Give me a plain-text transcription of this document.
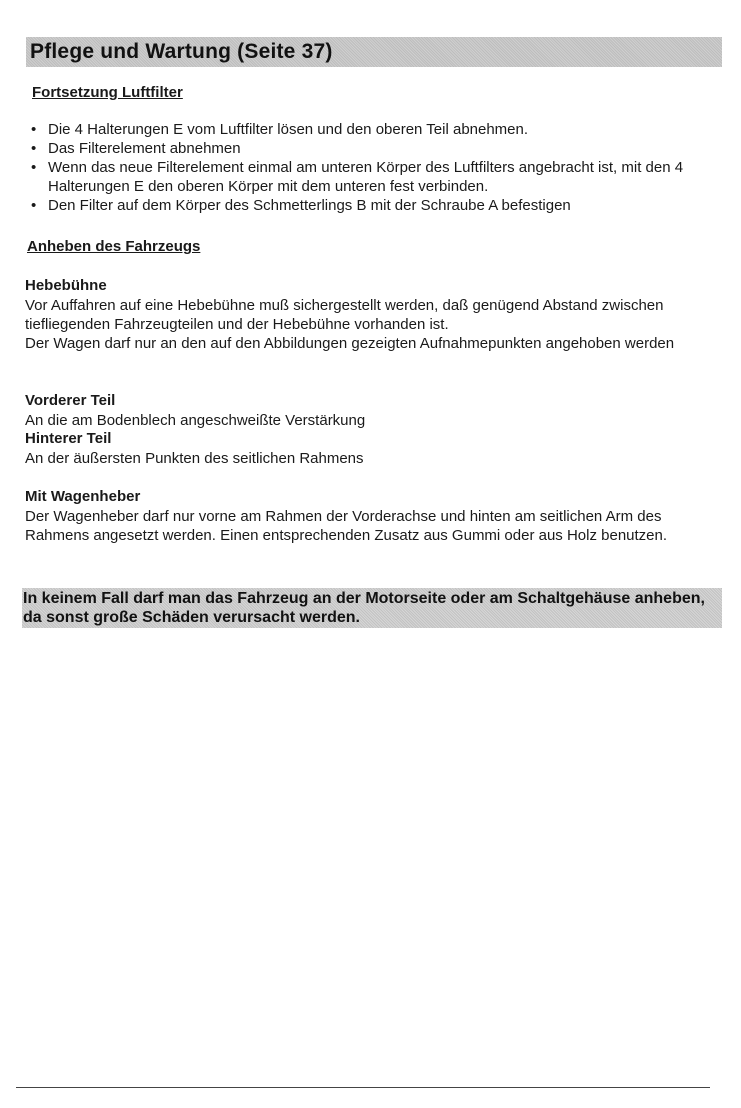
Pflege und Wartung (Seite 37)
Fortsetzung Luftfilter
• Die 4 Halterungen E vom Luftfilter lösen und den oberen Teil abnehmen.
• Das Filterelement abnehmen
• Wenn das neue Filterelement einmal am unteren Körper des Luftfilters angebracht ist, mit den 4 Halterungen E den oberen Körper mit dem unteren fest verbinden.
• Den Filter auf dem Körper des Schmetterlings B mit der Schraube A befestigen
Anheben des Fahrzeugs
Hebebühne

Vor Auffahren auf eine Hebebühne muß sichergestellt werden, daß genügend Abstand zwischen tiefliegenden Fahrzeugteilen und der Hebebühne vorhanden ist.

Der Wagen darf nur an den auf den Abbildungen gezeigten Aufnahmepunkten angehoben werden

Vorderer Teil

An die am Bodenblech angeschweißte Verstärkung

Hinterer Teil

An der äußersten Punkten des seitlichen Rahmens

Mit Wagenheber

Der Wagenheber darf nur vorne am Rahmen der Vorderachse und hinten am seitlichen Arm des Rahmens angesetzt werden. Einen entsprechenden Zusatz aus Gummi oder aus Holz benutzen.

In keinem Fall darf man das Fahrzeug an der Motorseite oder am Schaltgehäuse anheben, da sonst große Schäden verursacht werden.
